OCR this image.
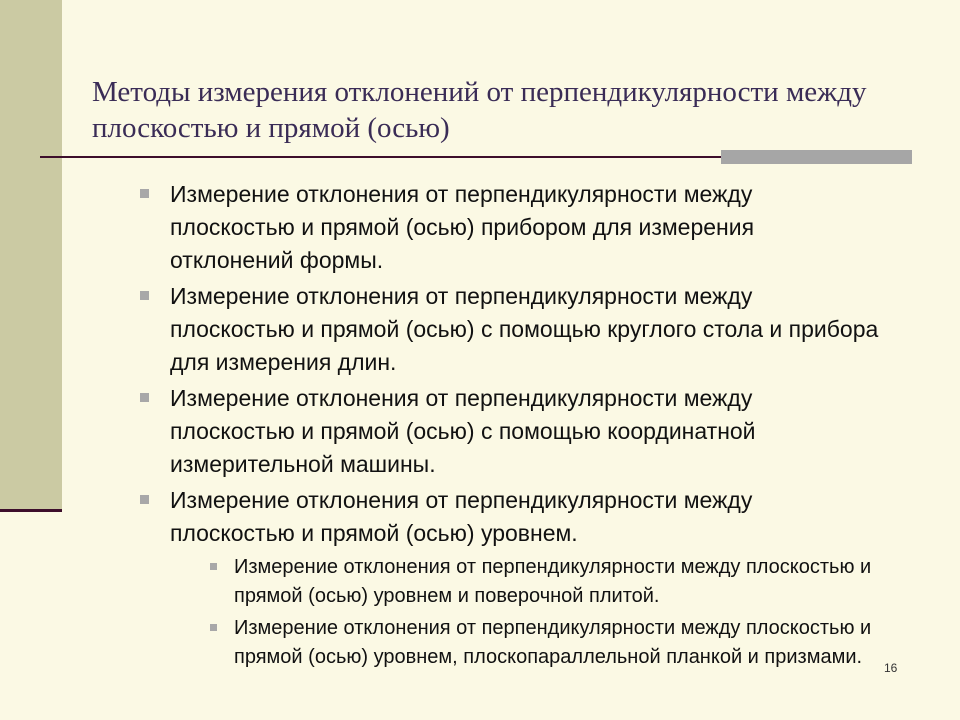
Методы измерения отклонений от перпендикулярности между плоскостью и прямой (осью)
Измерение отклонения от перпендикулярности между плоскостью и прямой (осью) прибором для измерения отклонений формы.
Измерение отклонения от перпендикулярности между плоскостью и прямой (осью) с помощью круглого стола и прибора для измерения длин.
Измерение отклонения от перпендикулярности между плоскостью и прямой (осью) с помощью координатной измерительной машины.
Измерение отклонения от перпендикулярности между плоскостью и прямой (осью) уровнем.
Измерение отклонения от перпендикулярности между плоскостью и прямой (осью) уровнем и поверочной плитой.
Измерение отклонения от перпендикулярности между плоскостью и прямой (осью) уровнем, плоскопараллельной планкой и призмами.	16
